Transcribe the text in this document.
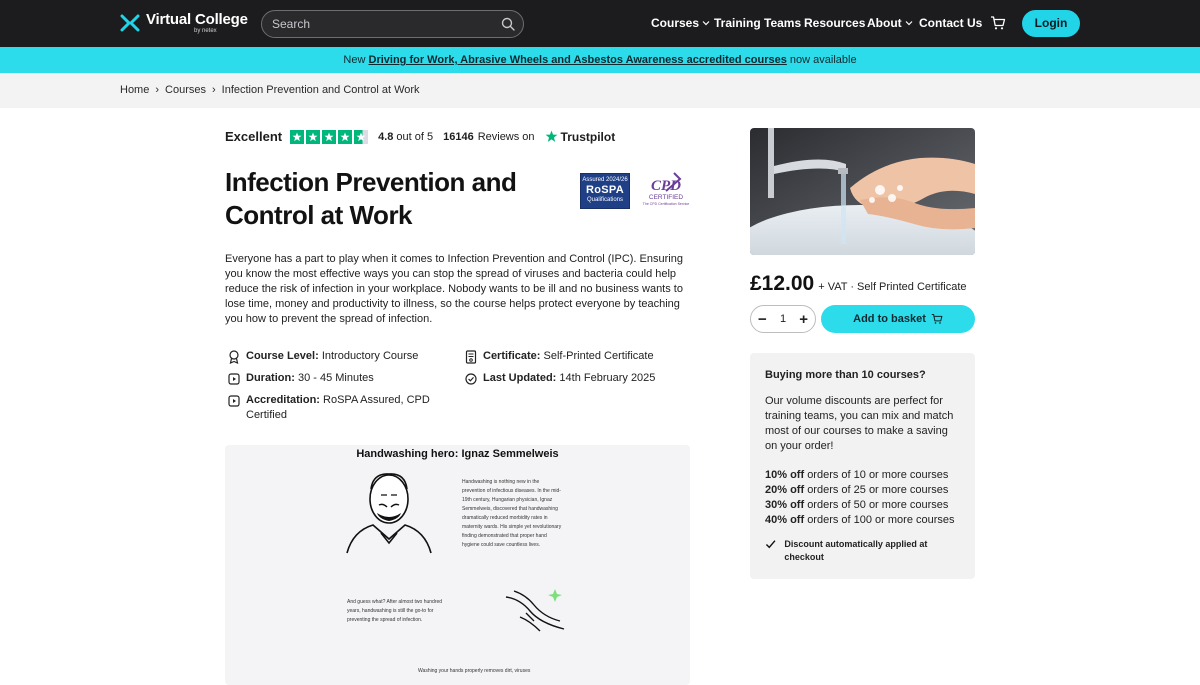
Virtual College
by netex
Search
Courses Training Teams Resources About Contact Us	Login
New Driving for Work, Abrasive Wheels and Asbestos Awareness accredited courses now available
Home › Courses › Infection Prevention and Control at Work
Excellent	4.8 out of 5 16146 Reviews on Trustpilot
Infection Prevention and Control at Work
Assured 2024/26
RoSPA
Qualifications
CPD
CERTIFIED
The CPD Certification Service

Everyone has a part to play when it comes to Infection Prevention and Control (IPC). Ensuring you know the most effective ways you can stop the spread of viruses and bacteria could help reduce the risk of infection in your workplace. Nobody wants to be ill and no business wants to lose time, money and productivity to illness, so the course helps protect everyone by teaching you how to prevent the spread of infection.

Course Level: Introductory Course
Duration: 30 - 45 Minutes
Accreditation: RoSPA Assured, CPD Certified
Certificate: Self-Printed Certificate
Last Updated: 14th February 2025
Handwashing hero: Ignaz Semmelweis
Handwashing is nothing new in the prevention of infectious diseases. In the mid-19th century, Hungarian physician, Ignaz Semmelweis, discovered that handwashing dramatically reduced morbidity rates in maternity wards. His simple yet revolutionary finding demonstrated that proper hand hygiene could save countless lives.
And guess what? After almost two hundred years, handwashing is still the go-to for preventing the spread of infection.
Washing your hands properly removes dirt, viruses
£12.00 + VAT · Self Printed Certificate
− 1 +	Add to basket
Buying more than 10 courses?

Our volume discounts are perfect for training teams, you can mix and match most of our courses to make a saving on your order!

10% off orders of 10 or more courses
20% off orders of 25 or more courses
30% off orders of 50 or more courses
40% off orders of 100 or more courses
Discount automatically applied at checkout
